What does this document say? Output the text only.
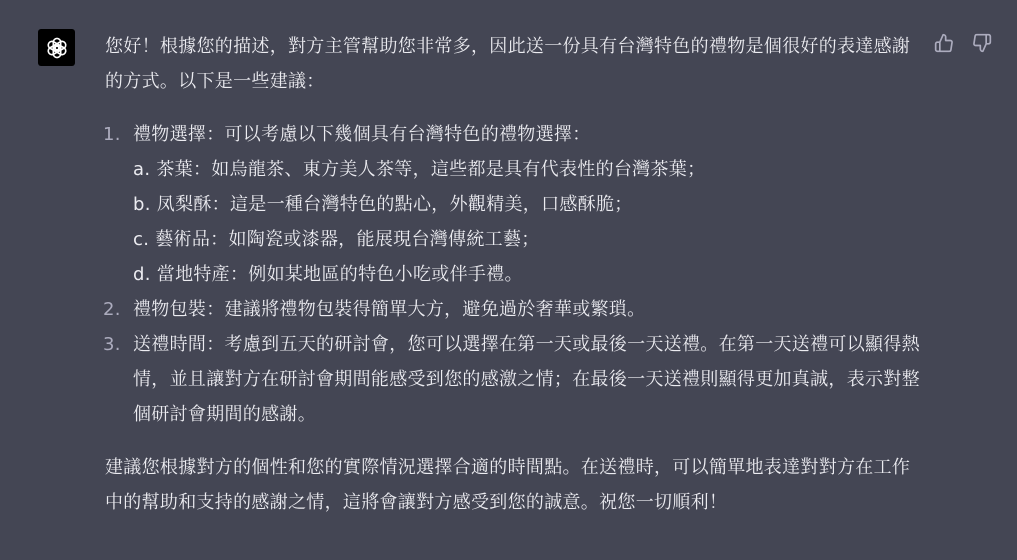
您好！根據您的描述，對方主管幫助您非常多，因此送一份具有台灣特色的禮物是個很好的表達感謝的方式。以下是一些建議：

1. 禮物選擇：可以考慮以下幾個具有台灣特色的禮物選擇：
a. 茶葉：如烏龍茶、東方美人茶等，這些都是具有代表性的台灣茶葉；
b. 凤梨酥：這是一種台灣特色的點心，外觀精美，口感酥脆；
c. 藝術品：如陶瓷或漆器，能展現台灣傳統工藝；
d. 當地特產：例如某地區的特色小吃或伴手禮。
2. 禮物包裝：建議將禮物包裝得簡單大方，避免過於奢華或繁瑣。
3. 送禮時間：考慮到五天的研討會，您可以選擇在第一天或最後一天送禮。在第一天送禮可以顯得熱情，並且讓對方在研討會期間能感受到您的感激之情；在最後一天送禮則顯得更加真誠，表示對整個研討會期間的感謝。

建議您根據對方的個性和您的實際情況選擇合適的時間點。在送禮時，可以簡單地表達對對方在工作中的幫助和支持的感謝之情，這將會讓對方感受到您的誠意。祝您一切順利！
